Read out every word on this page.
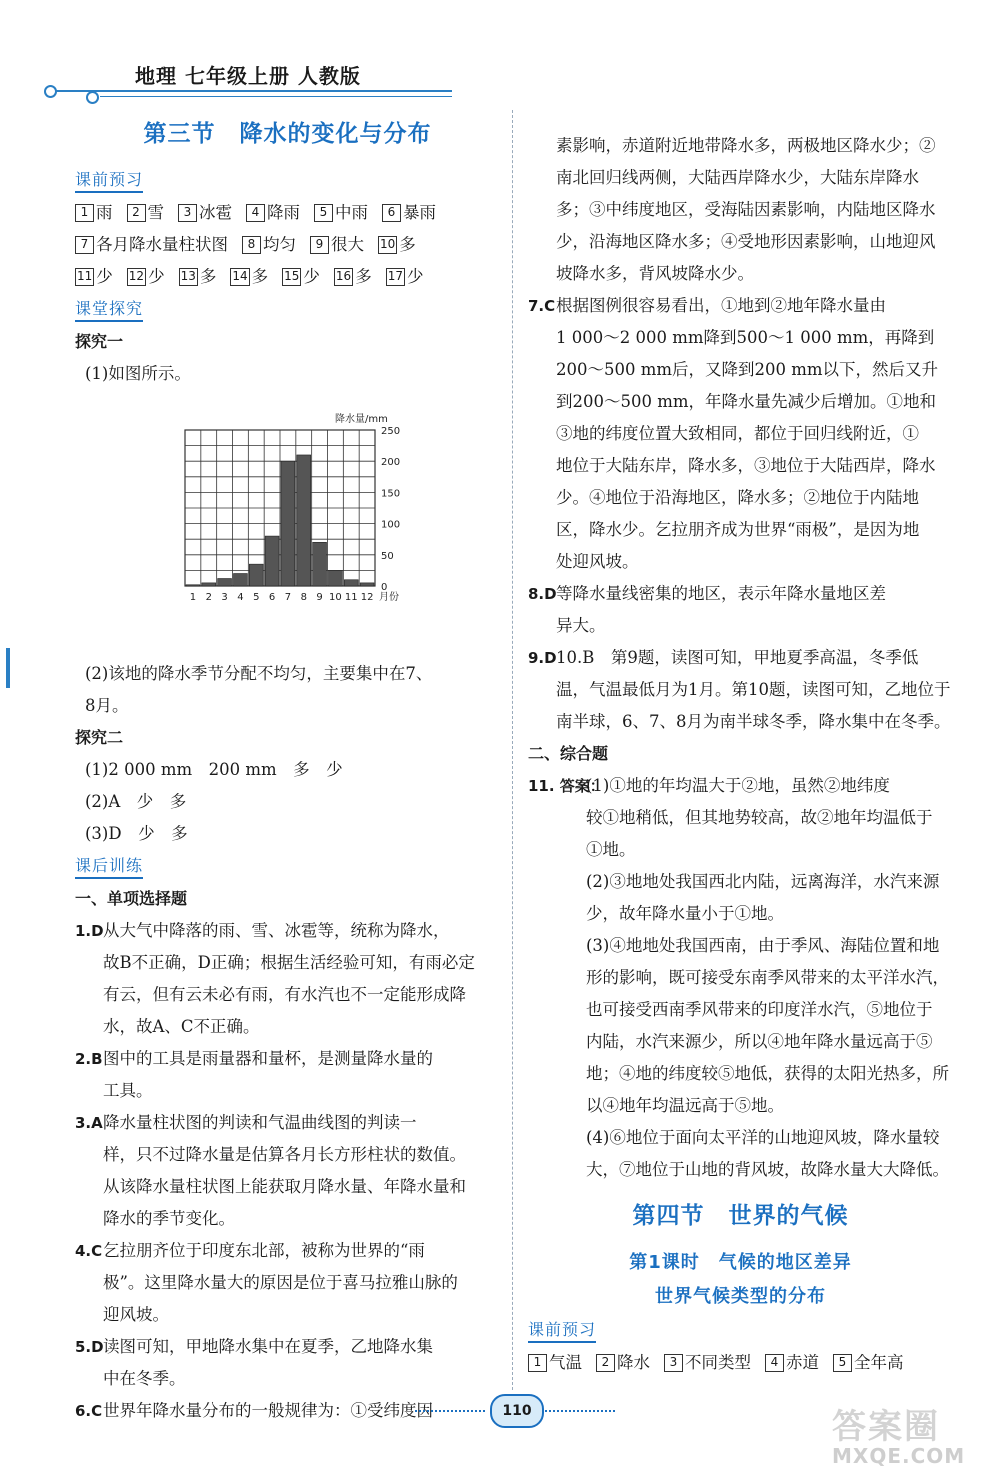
地理 七年级上册 人教版
第三节　降水的变化与分布
课前预习
1 雨 2 雪 3 冰雹 4 降雨 5 中雨 6 暴雨
7 各月降水量柱状图 8 均匀 9 很大 10 多
11 少 12 少 13 多 14 多 15 少 16 多 17 少
课堂探究
探究一
(1)如图所示。
0
50
100
150
200
250
降水量/mm
1 2 3 4 5 6 7 8 9 10 11 12 月份
(2)该地的降水季节分配不均匀，主要集中在7、
8月。
探究二
(1)2 000 mm　200 mm　多　少
(2)A　少　多
(3)D　少　多
课后训练
一、单项选择题
1.D 从大气中降落的雨、雪、冰雹等，统称为降水，
故B不正确，D正确；根据生活经验可知，有雨必定
有云，但有云未必有雨，有水汽也不一定能形成降
水，故A、C不正确。
2.B 图中的工具是雨量器和量杯，是测量降水量的
工具。
3.A 降水量柱状图的判读和气温曲线图的判读一
样，只不过降水量是估算各月长方形柱状的数值。
从该降水量柱状图上能获取月降水量、年降水量和
降水的季节变化。
4.C 乞拉朋齐位于印度东北部，被称为世界的“雨
极”。这里降水量大的原因是位于喜马拉雅山脉的
迎风坡。
5.D 读图可知，甲地降水集中在夏季，乙地降水集
中在冬季。
6.C 世界年降水量分布的一般规律为：①受纬度因
素影响，赤道附近地带降水多，两极地区降水少；②
南北回归线两侧，大陆西岸降水少，大陆东岸降水
多；③中纬度地区，受海陆因素影响，内陆地区降水
少，沿海地区降水多；④受地形因素影响，山地迎风
坡降水多，背风坡降水少。
7.C 根据图例很容易看出，①地到②地年降水量由
1 000～2 000 mm降到500～1 000 mm，再降到
200～500 mm后，又降到200 mm以下，然后又升
到200～500 mm，年降水量先减少后增加。①地和
③地的纬度位置大致相同，都位于回归线附近，①
地位于大陆东岸，降水多，③地位于大陆西岸，降水
少。④地位于沿海地区，降水多；②地位于内陆地
区，降水少。乞拉朋齐成为世界“雨极”，是因为地
处迎风坡。
8.D 等降水量线密集的地区，表示年降水量地区差
异大。
9.D 10.B　第9题，读图可知，甲地夏季高温，冬季低
温，气温最低月为1月。第10题，读图可知，乙地位于
南半球，6、7、8月为南半球冬季，降水集中在冬季。
二、综合题
11. 答案：
(1)①地的年均温大于②地，虽然②地纬度
较①地稍低，但其地势较高，故②地年均温低于
①地。
(2)③地地处我国西北内陆，远离海洋，水汽来源
少，故年降水量小于①地。
(3)④地地处我国西南，由于季风、海陆位置和地
形的影响，既可接受东南季风带来的太平洋水汽，
也可接受西南季风带来的印度洋水汽，⑤地位于
内陆，水汽来源少，所以④地年降水量远高于⑤
地；④地的纬度较⑤地低，获得的太阳光热多，所
以④地年均温远高于⑤地。
(4)⑥地位于面向太平洋的山地迎风坡，降水量较
大，⑦地位于山地的背风坡，故降水量大大降低。
第四节　世界的气候
第1课时　气候的地区差异
世界气候类型的分布
课前预习
1 气温 2 降水 3 不同类型 4 赤道 5 全年高
110	答案圈
MXQE.COM
